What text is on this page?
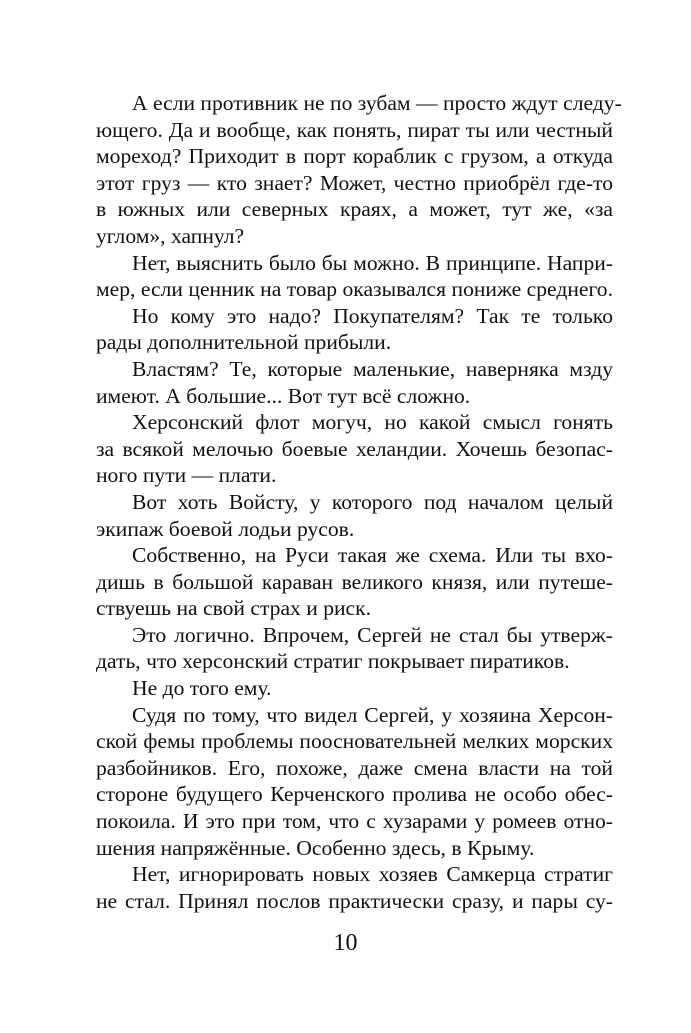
А если противник не по зубам — просто ждут следу-
ющего. Да и вообще, как понять, пират ты или честный
мореход? Приходит в порт кораблик с грузом, а откуда
этот груз — кто знает? Может, честно приобрёл где-то
в южных или северных краях, а может, тут же, «за
углом», хапнул?
Нет, выяснить было бы можно. В принципе. Напри-
мер, если ценник на товар оказывался пониже среднего.
Но кому это надо? Покупателям? Так те только
рады дополнительной прибыли.
Властям? Те, которые маленькие, наверняка мзду
имеют. А большие... Вот тут всё сложно.
Херсонский флот могуч, но какой смысл гонять
за всякой мелочью боевые хеландии. Хочешь безопас-
ного пути — плати.
Вот хоть Войсту, у которого под началом целый
экипаж боевой лодьи русов.
Собственно, на Руси такая же схема. Или ты вхо-
дишь в большой караван великого князя, или путеше-
ствуешь на свой страх и риск.
Это логично. Впрочем, Сергей не стал бы утверж-
дать, что херсонский стратиг покрывает пиратиков.
Не до того ему.
Судя по тому, что видел Сергей, у хозяина Херсон-
ской фемы проблемы поосновательней мелких морских
разбойников. Его, похоже, даже смена власти на той
стороне будущего Керченского пролива не особо обес-
покоила. И это при том, что с хузарами у ромеев отно-
шения напряжённые. Особенно здесь, в Крыму.
Нет, игнорировать новых хозяев Самкерца стратиг
не стал. Принял послов практически сразу, и пары су-
10
